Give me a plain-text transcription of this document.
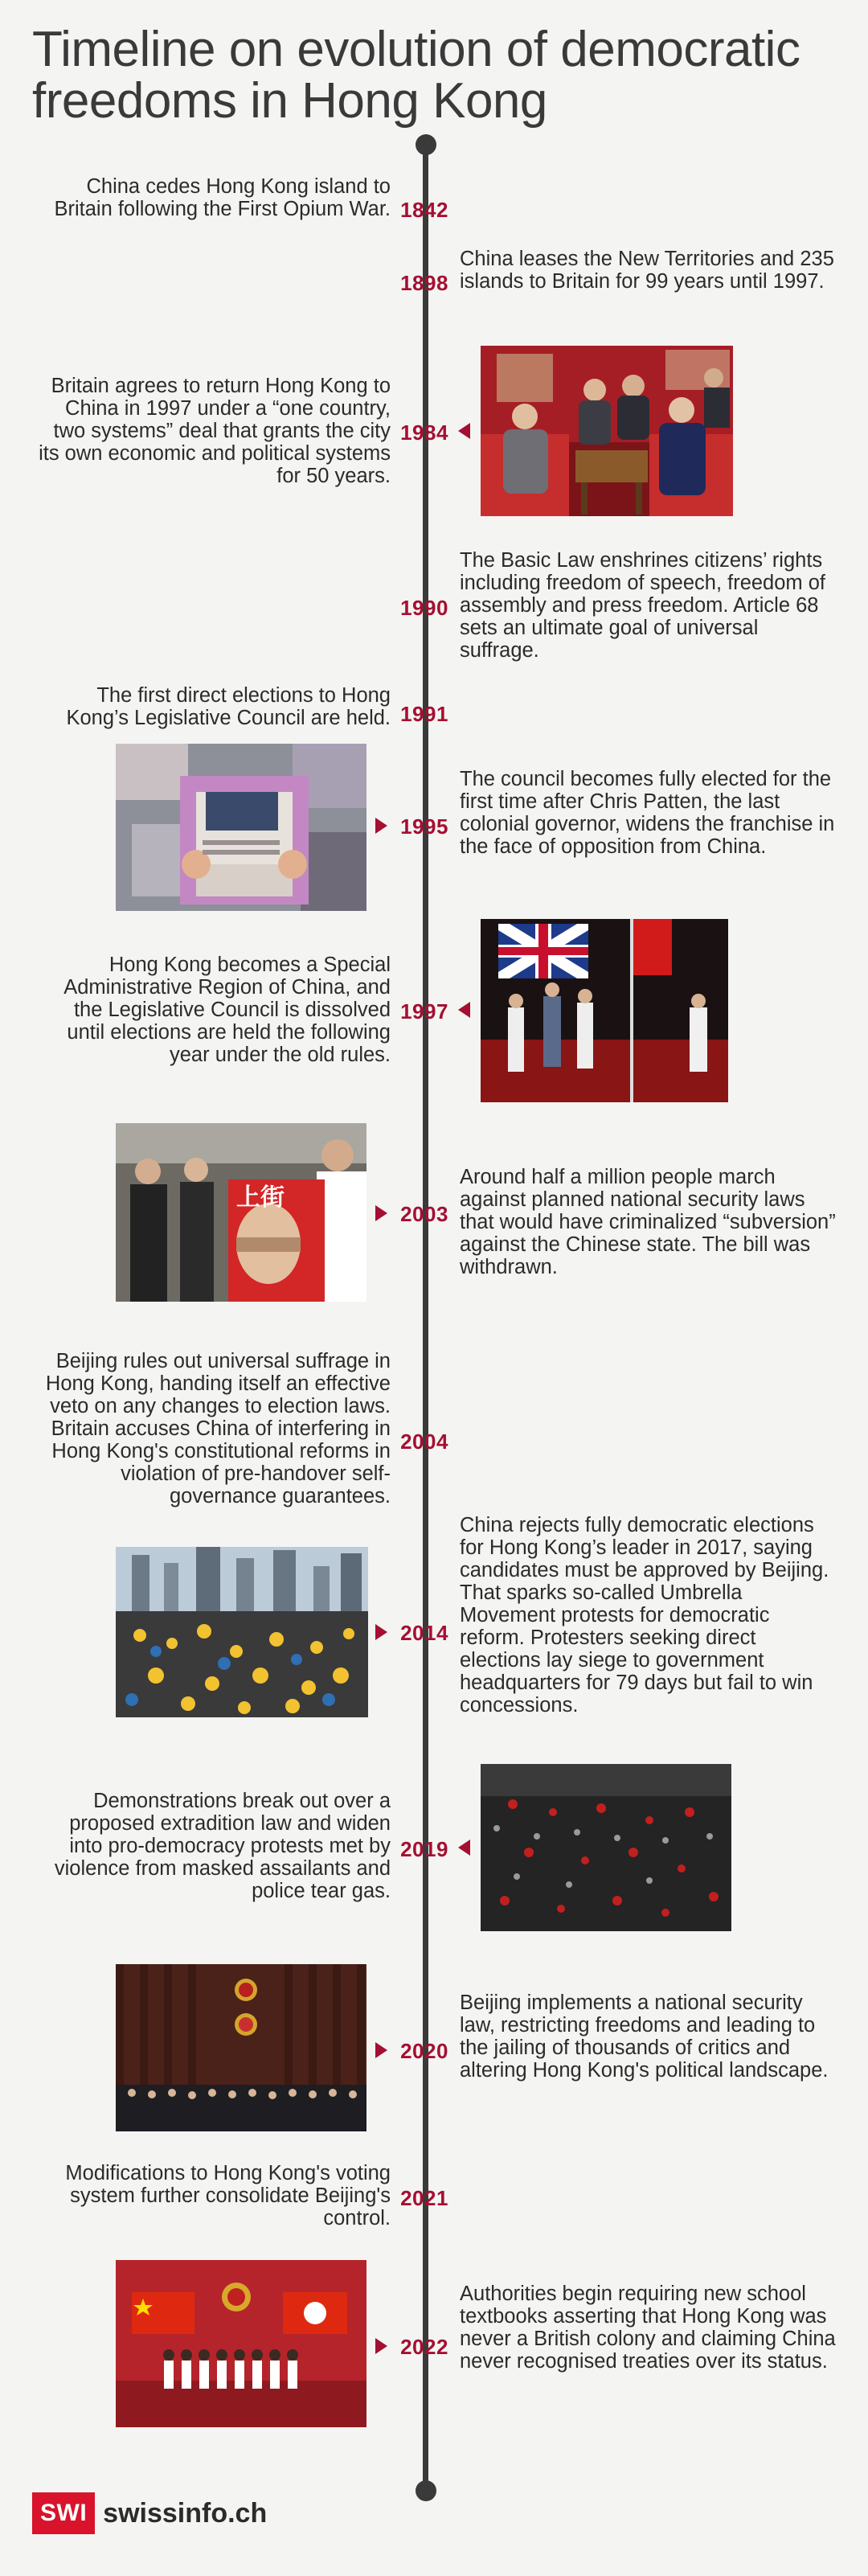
Timeline on evolution of democratic freedoms in Hong Kong
China cedes Hong Kong island to Britain following the First Opium War. 1842
1898
China leases the New Territories and 235 islands to Britain for 99 years until 1997.
Britain agrees to return Hong Kong to China in 1997 under a “one country, two systems” deal that grants the city its own economic and political systems for 50 years.
1984
1990
The Basic Law enshrines citizens’ rights including freedom of speech, freedom of assembly and press freedom. Article 68 sets an ultimate goal of universal suffrage.
The first direct elections to Hong Kong’s Legislative Council are held. 1991
1995
The council becomes fully elected for the first time after Chris Patten, the last colonial governor, widens the franchise in the face of opposition from China.
Hong Kong becomes a Special Administrative Region of China, and the Legislative Council is dissolved until elections are held the following year under the old rules.
1997
上街
2003
Around half a million people march against planned national security laws that would have criminalized “subversion” against the Chinese state. The bill was withdrawn.
Beijing rules out universal suffrage in Hong Kong, handing itself an effective veto on any changes to election laws. Britain accuses China of interfering in Hong Kong's constitutional reforms in violation of pre-handover self-governance guarantees.
2004
2014
China rejects fully democratic elections for Hong Kong’s leader in 2017, saying candidates must be approved by Beijing. That sparks so-called Umbrella Movement protests for democratic reform. Protesters seeking direct elections lay siege to government headquarters for 79 days but fail to win concessions.
Demonstrations break out over a proposed extradition law and widen into pro-democracy protests met by violence from masked assailants and police tear gas.
2019
2020
Beijing implements a national security law, restricting freedoms and leading to the jailing of thousands of critics and altering Hong Kong's political landscape.
Modifications to Hong Kong's voting system further consolidate Beijing's control.
2021
2022
Authorities begin requiring new school textbooks asserting that Hong Kong was never a British colony and claiming China never recognised treaties over its status.
SWI swissinfo.ch
